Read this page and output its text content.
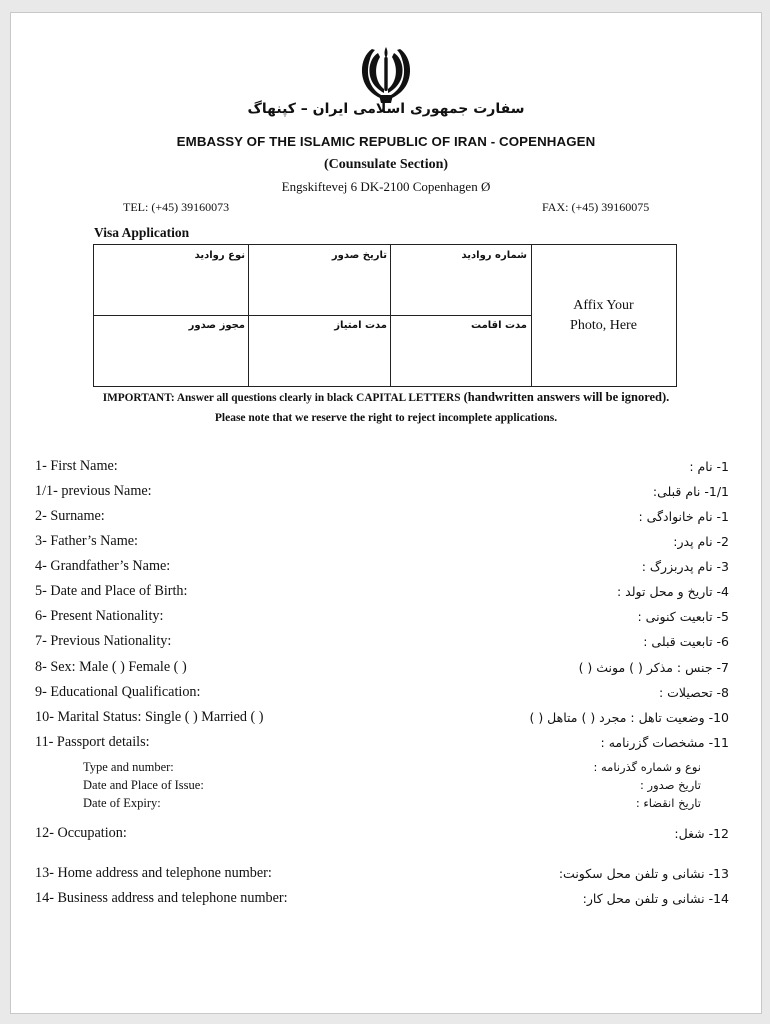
سفارت جمهوری اسلامی ایران – کپنهاگ
EMBASSY OF THE ISLAMIC REPUBLIC OF IRAN - COPENHAGEN
(Counsulate Section)
Engskiftevej 6 DK-2100 Copenhagen Ø
TEL: (+45) 39160073	FAX: (+45) 39160075
Visa Application
نوع رواديد	تاريخ صدور	شماره رواديد
مجوز صدور	مدت امتياز	مدت اقامت
Affix Your
Photo, Here
IMPORTANT: Answer all questions clearly in black CAPITAL LETTERS (handwritten answers will be ignored).
Please note that we reserve the right to reject incomplete applications.
1- First Name:	1- نام :
1/1- previous Name:	1/1- نام قبلی:
2- Surname:	1- نام خانوادگی :
3- Father’s Name:	2- نام پدر:
4- Grandfather’s Name:	3- نام پدربزرگ :
5- Date and Place of Birth:	4- تاريخ و محل تولد :
6- Present Nationality:	5- تابعيت کنونی :
7- Previous Nationality:	6- تابعيت قبلی :
8- Sex: Male ( ) Female ( )	7- جنس : مذکر ( ) مونث ( )
9- Educational Qualification:	8- تحصيلات :
10- Marital Status: Single ( ) Married ( )	10- وضعيت تاهل : مجرد ( ) متاهل ( )
11- Passport details:	11- مشخصات گزرنامه :
Type and number:	نوع و شماره گذرنامه :
Date and Place of Issue:	تاريخ صدور :
Date of Expiry:	تاريخ انقضاء :
12- Occupation:	12- شغل:
13- Home address and telephone number:	13- نشانی و تلفن محل سکونت:
14- Business address and telephone number:	14- نشانی و تلفن محل کار:
